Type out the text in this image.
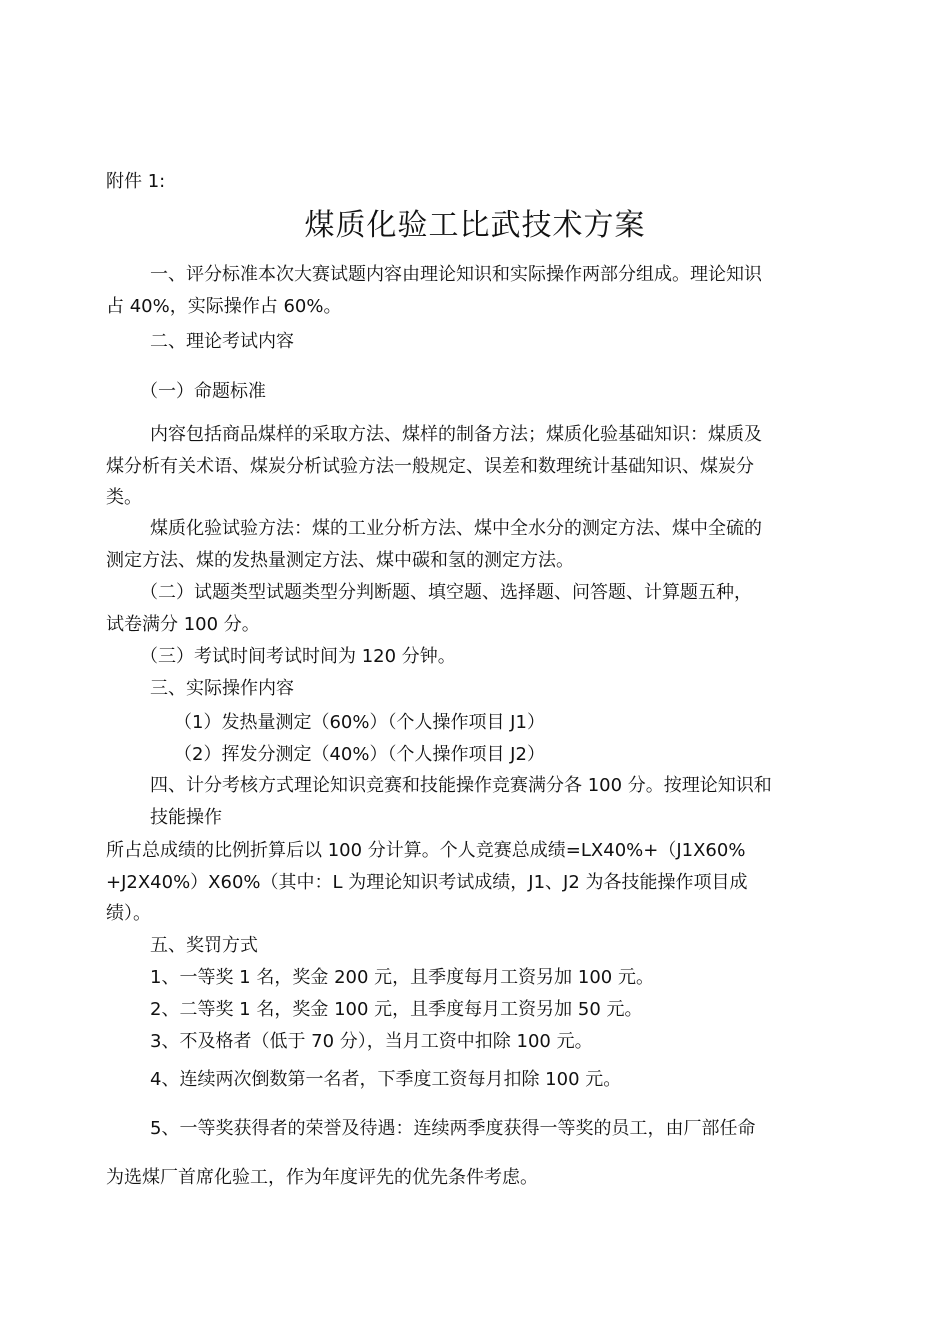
附件 1:
煤质化验工比武技术方案
一、评分标准本次大赛试题内容由理论知识和实际操作两部分组成。理论知识
占 40%，实际操作占 60%。
二、理论考试内容
（一）命题标准
内容包括商品煤样的采取方法、煤样的制备方法；煤质化验基础知识：煤质及
煤分析有关术语、煤炭分析试验方法一般规定、误差和数理统计基础知识、煤炭分
类。
煤质化验试验方法：煤的工业分析方法、煤中全水分的测定方法、煤中全硫的
测定方法、煤的发热量测定方法、煤中碳和氢的测定方法。
（二）试题类型试题类型分判断题、填空题、选择题、问答题、计算题五种，
试卷满分 100 分。
（三）考试时间考试时间为 120 分钟。
三、实际操作内容
（1）发热量测定（60%）（个人操作项目 J1）
（2）挥发分测定（40%）（个人操作项目 J2）
四、计分考核方式理论知识竞赛和技能操作竞赛满分各 100 分。按理论知识和
技能操作
所占总成绩的比例折算后以 100 分计算。个人竞赛总成绩=LX40%+（J1X60%
+J2X40%）X60%（其中：L 为理论知识考试成绩，J1、J2 为各技能操作项目成
绩）。
五、奖罚方式
1、一等奖 1 名，奖金 200 元，且季度每月工资另加 100 元。
2、二等奖 1 名，奖金 100 元，且季度每月工资另加 50 元。
3、不及格者（低于 70 分），当月工资中扣除 100 元。
4、连续两次倒数第一名者，下季度工资每月扣除 100 元。
5、一等奖获得者的荣誉及待遇：连续两季度获得一等奖的员工，由厂部任命
为选煤厂首席化验工，作为年度评先的优先条件考虑。
